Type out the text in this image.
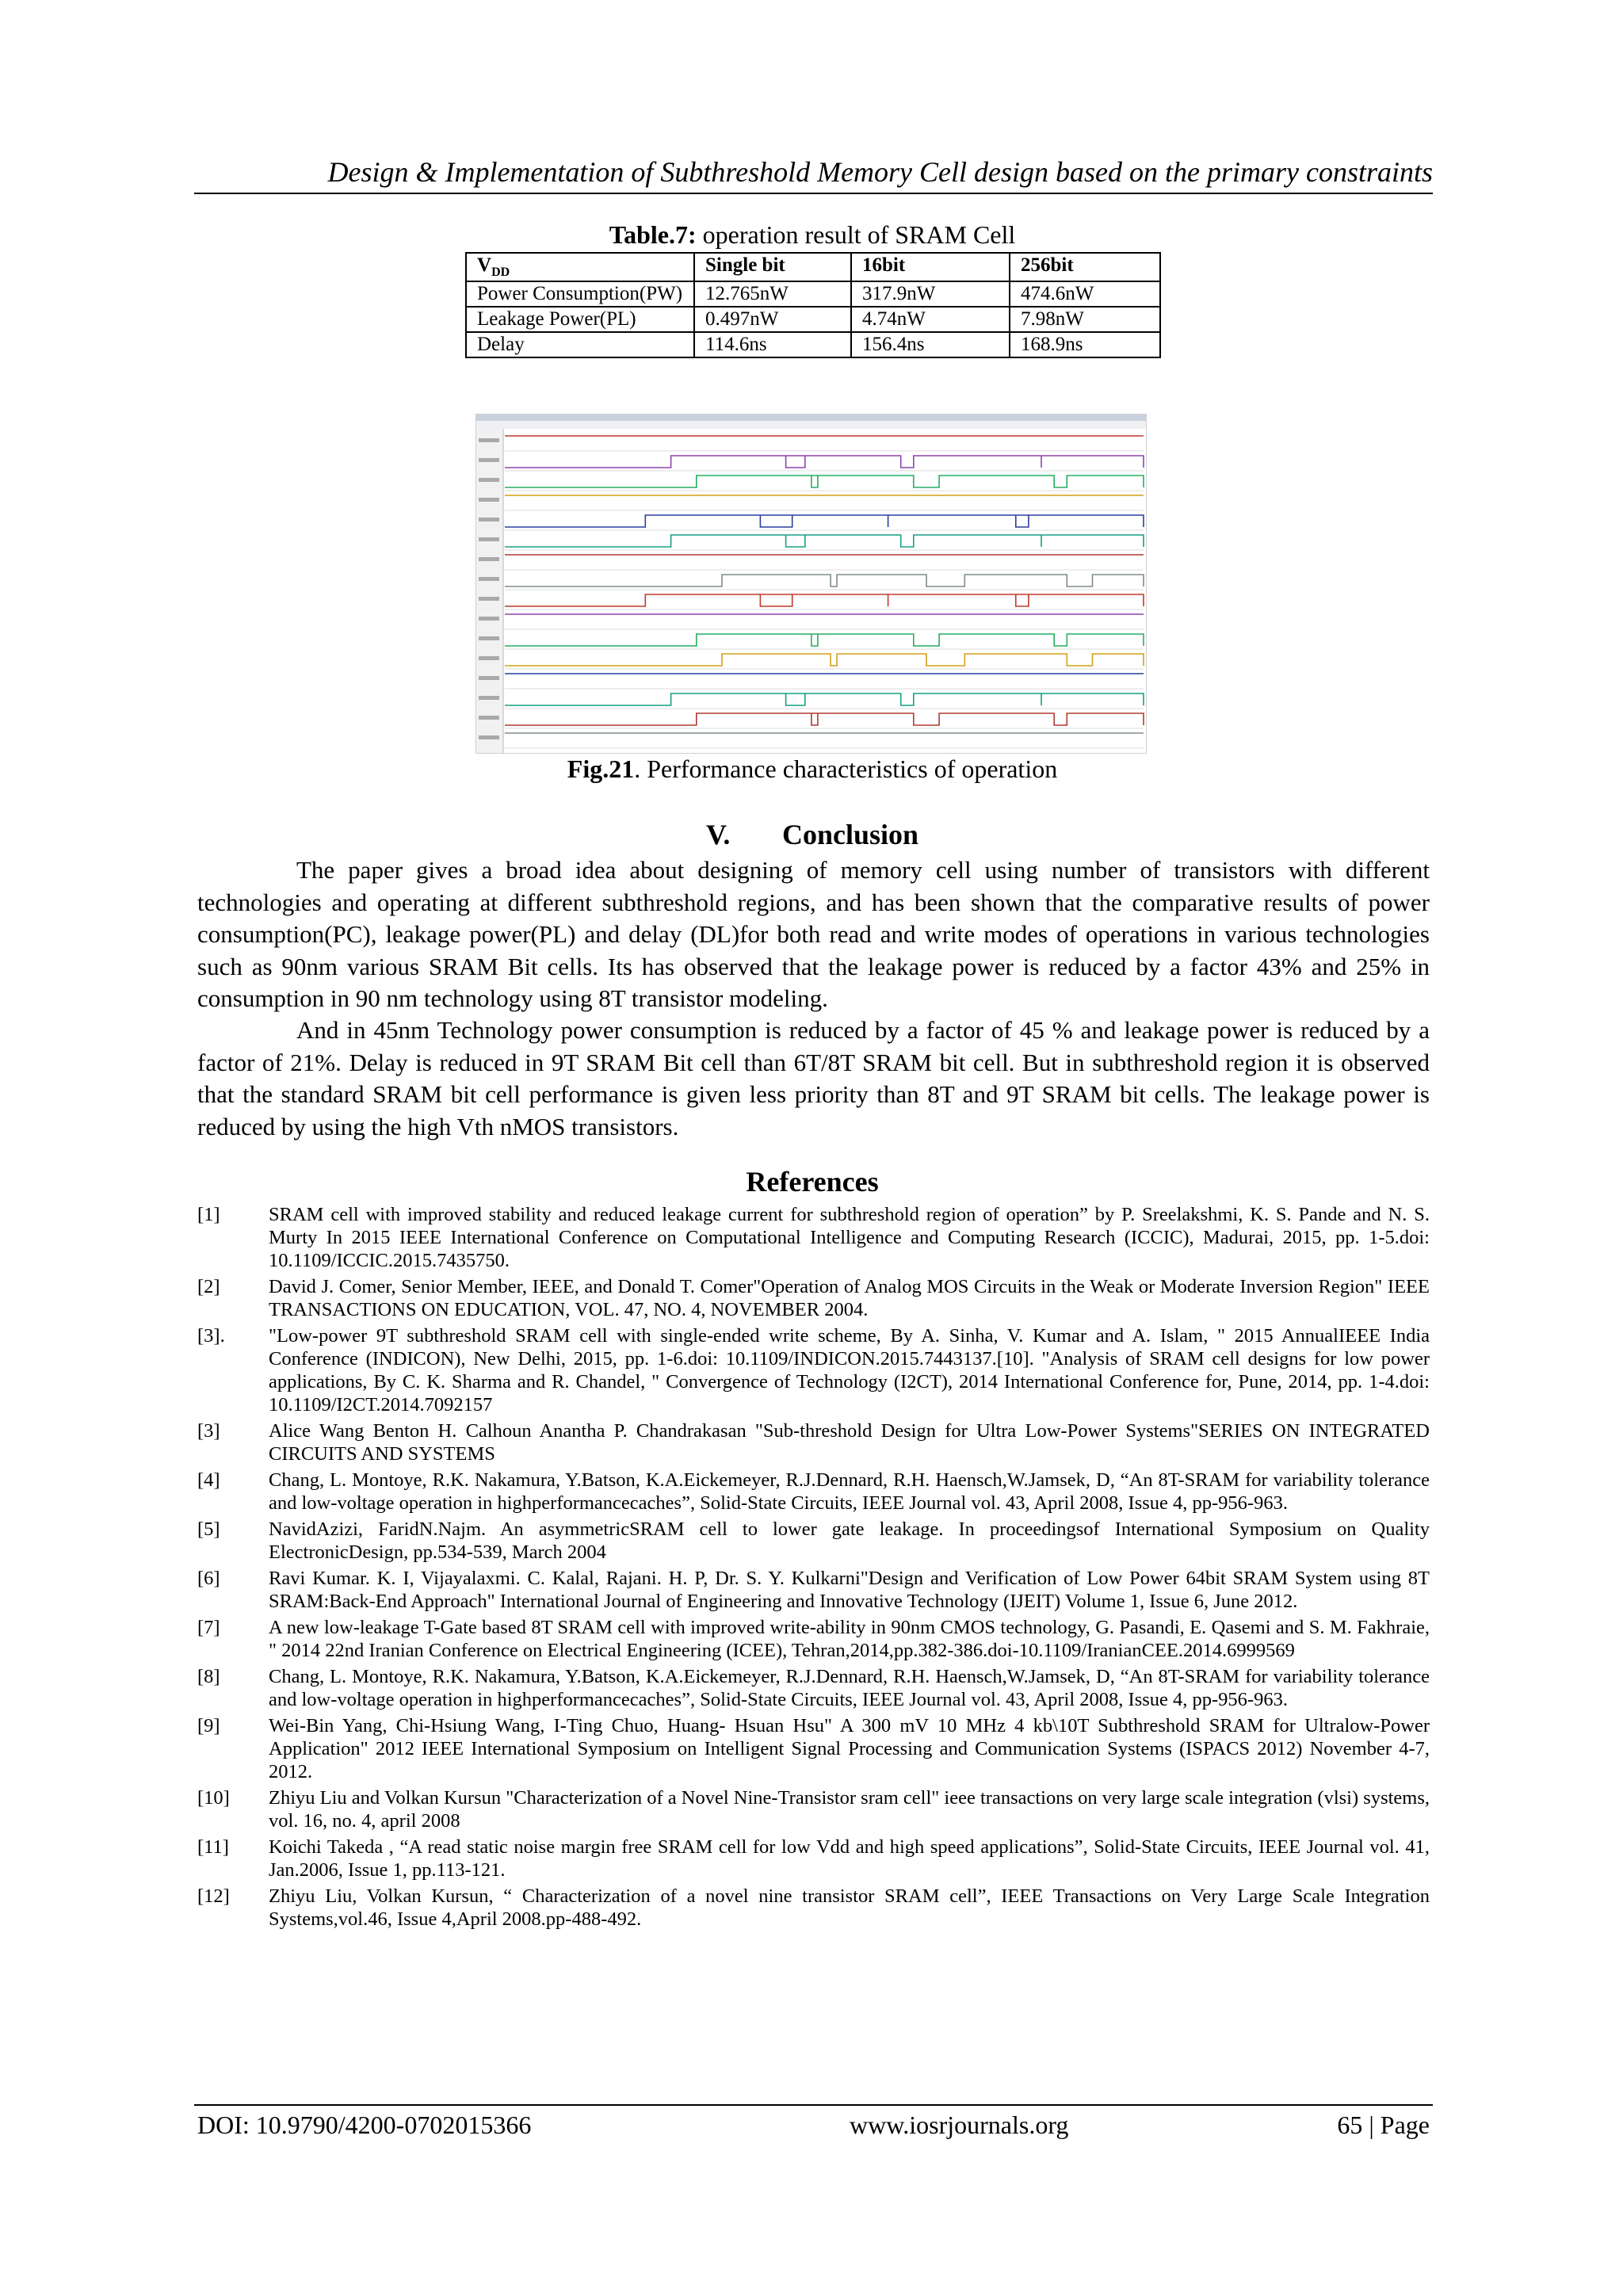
Design & Implementation of Subthreshold Memory Cell design based on the primary constraints
Table.7: operation result of SRAM Cell
$V_{DD}$	Single bit	16bit	256bit
Power Consumption(PW)	12.765nW	317.9nW	474.6nW
Leakage Power(PL)	0.497nW	4.74nW	7.98nW
Delay	114.6ns	156.4ns	168.9ns
Fig.21. Performance characteristics of operation
V. Conclusion

The paper gives a broad idea about designing of memory cell using number of transistors with different technologies and operating at different subthreshold regions, and has been shown that the comparative results of power consumption(PC), leakage power(PL) and delay (DL)for both read and write modes of operations in various technologies such as 90nm various SRAM Bit cells. Its has observed that the leakage power is reduced by a factor 43% and 25% in consumption in 90 nm technology using 8T transistor modeling.

And in 45nm Technology power consumption is reduced by a factor of 45 % and leakage power is reduced by a factor of 21%. Delay is reduced in 9T SRAM Bit cell than 6T/8T SRAM bit cell. But in subthreshold region it is observed that the standard SRAM bit cell performance is given less priority than 8T and 9T SRAM bit cells. The leakage power is reduced by using the high Vth nMOS transistors.

References
[1]	SRAM cell with improved stability and reduced leakage current for subthreshold region of operation” by P. Sreelakshmi, K. S. Pande and N. S. Murty In 2015 IEEE International Conference on Computational Intelligence and Computing Research (ICCIC), Madurai, 2015, pp. 1-5.doi: 10.1109/ICCIC.2015.7435750.
[2]	David J. Comer, Senior Member, IEEE, and Donald T. Comer"Operation of Analog MOS Circuits in the Weak or Moderate Inversion Region" IEEE TRANSACTIONS ON EDUCATION, VOL. 47, NO. 4, NOVEMBER 2004.
[3].	"Low-power 9T subthreshold SRAM cell with single-ended write scheme, By A. Sinha, V. Kumar and A. Islam, " 2015 AnnualIEEE India Conference (INDICON), New Delhi, 2015, pp. 1-6.doi: 10.1109/INDICON.2015.7443137.[10]. "Analysis of SRAM cell designs for low power applications, By C. K. Sharma and R. Chandel, " Convergence of Technology (I2CT), 2014 International Conference for, Pune, 2014, pp. 1-4.doi: 10.1109/I2CT.2014.7092157
[3]	Alice Wang Benton H. Calhoun Anantha P. Chandrakasan "Sub-threshold Design for Ultra Low-Power Systems"SERIES ON INTEGRATED CIRCUITS AND SYSTEMS
[4]	Chang, L. Montoye, R.K. Nakamura, Y.Batson, K.A.Eickemeyer, R.J.Dennard, R.H. Haensch,W.Jamsek, D, “An 8T-SRAM for variability tolerance and low-voltage operation in highperformancecaches”, Solid-State Circuits, IEEE Journal vol. 43, April 2008, Issue 4, pp-956-963.
[5]	NavidAzizi, FaridN.Najm. An asymmetricSRAM cell to lower gate leakage. In proceedingsof International Symposium on Quality ElectronicDesign, pp.534-539, March 2004
[6]	Ravi Kumar. K. I, Vijayalaxmi. C. Kalal, Rajani. H. P, Dr. S. Y. Kulkarni"Design and Verification of Low Power 64bit SRAM System using 8T SRAM:Back-End Approach" International Journal of Engineering and Innovative Technology (IJEIT) Volume 1, Issue 6, June 2012.
[7]	A new low-leakage T-Gate based 8T SRAM cell with improved write-ability in 90nm CMOS technology, G. Pasandi, E. Qasemi and S. M. Fakhraie, " 2014 22nd Iranian Conference on Electrical Engineering (ICEE), Tehran,2014,pp.382-386.doi-10.1109/IranianCEE.2014.6999569
[8]	Chang, L. Montoye, R.K. Nakamura, Y.Batson, K.A.Eickemeyer, R.J.Dennard, R.H. Haensch,W.Jamsek, D, “An 8T-SRAM for variability tolerance and low-voltage operation in highperformancecaches”, Solid-State Circuits, IEEE Journal vol. 43, April 2008, Issue 4, pp-956-963.
[9]	Wei-Bin Yang, Chi-Hsiung Wang, I-Ting Chuo, Huang- Hsuan Hsu" A 300 mV 10 MHz 4 kb\10T Subthreshold SRAM for Ultralow-Power Application" 2012 IEEE International Symposium on Intelligent Signal Processing and Communication Systems (ISPACS 2012) November 4-7, 2012.
[10]	Zhiyu Liu and Volkan Kursun "Characterization of a Novel Nine-Transistor sram cell" ieee transactions on very large scale integration (vlsi) systems, vol. 16, no. 4, april 2008
[11]	Koichi Takeda , “A read static noise margin free SRAM cell for low Vdd and high speed applications”, Solid-State Circuits, IEEE Journal vol. 41, Jan.2006, Issue 1, pp.113-121.
[12]	Zhiyu Liu, Volkan Kursun, “ Characterization of a novel nine transistor SRAM cell”, IEEE Transactions on Very Large Scale Integration Systems,vol.46, Issue 4,April 2008.pp-488-492.
DOI: 10.9790/4200-0702015366	www.iosrjournals.org	65 | Page
